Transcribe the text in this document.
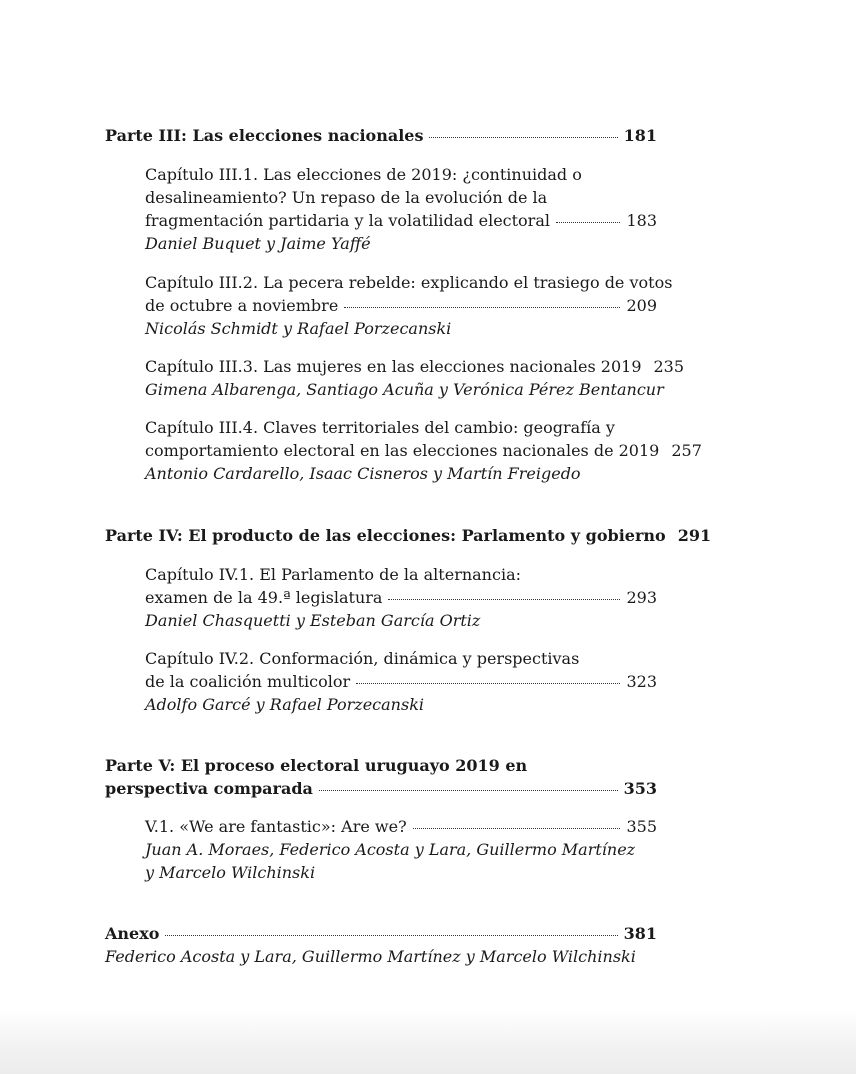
Parte III: Las elecciones nacionales	181
Capítulo III.1. Las elecciones de 2019: ¿continuidad o
desalineamiento? Un repaso de la evolución de la
fragmentación partidaria y la volatilidad electoral	183
Daniel Buquet y Jaime Yaffé
Capítulo III.2. La pecera rebelde: explicando el trasiego de votos
de octubre a noviembre	209
Nicolás Schmidt y Rafael Porzecanski
Capítulo III.3. Las mujeres en las elecciones nacionales 2019 235
Gimena Albarenga, Santiago Acuña y Verónica Pérez Bentancur
Capítulo III.4. Claves territoriales del cambio: geografía y
comportamiento electoral en las elecciones nacionales de 2019 257
Antonio Cardarello, Isaac Cisneros y Martín Freigedo
Parte IV: El producto de las elecciones: Parlamento y gobierno 291
Capítulo IV.1. El Parlamento de la alternancia:
examen de la 49.ª legislatura	293
Daniel Chasquetti y Esteban García Ortiz
Capítulo IV.2. Conformación, dinámica y perspectivas
de la coalición multicolor	323
Adolfo Garcé y Rafael Porzecanski
Parte V: El proceso electoral uruguayo 2019 en
perspectiva comparada	353
V.1. «We are fantastic»: Are we?	355
Juan A. Moraes, Federico Acosta y Lara, Guillermo Martínez
y Marcelo Wilchinski
Anexo	381
Federico Acosta y Lara, Guillermo Martínez y Marcelo Wilchinski
